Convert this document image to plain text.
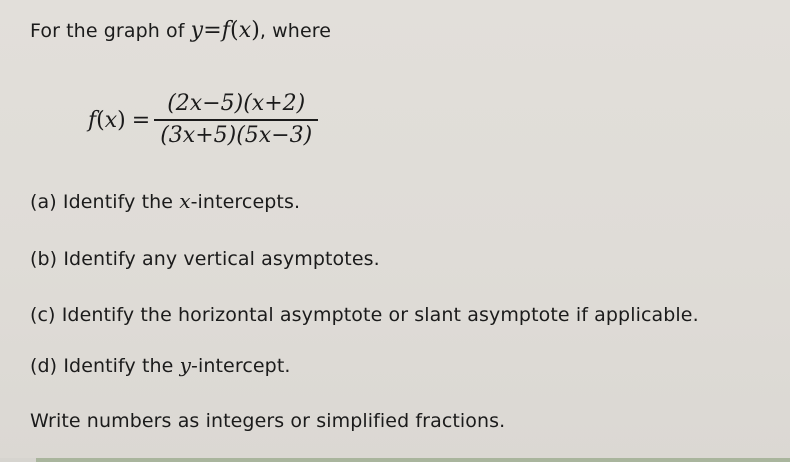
For the graph of y=f(x), where
$f(x) = \frac{(2x-5)(x+2)}{(3x+5)(5x-3)}$
(a) Identify the x-intercepts.
(b) Identify any vertical asymptotes.
(c) Identify the horizontal asymptote or slant asymptote if applicable.
(d) Identify the y-intercept.
Write numbers as integers or simplified fractions.
